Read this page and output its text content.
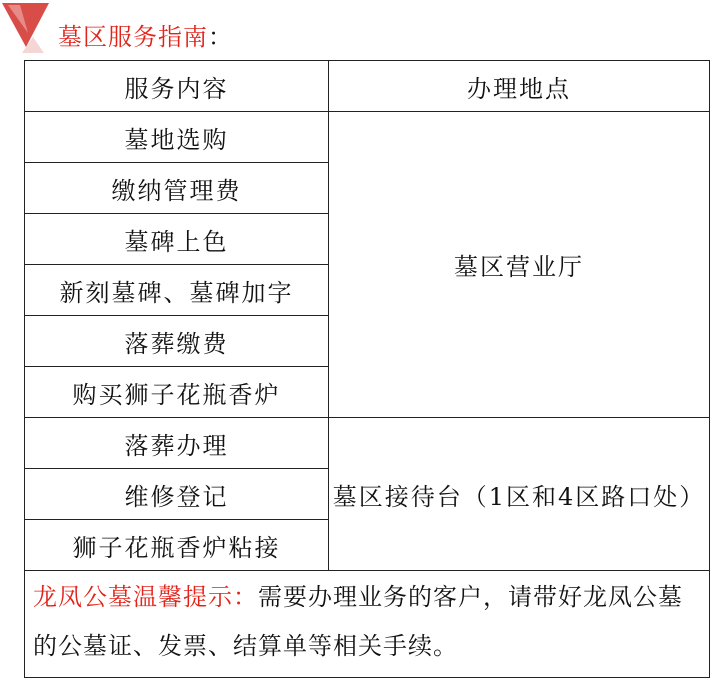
墓区服务指南：
服务内容	办理地点
墓地选购	墓区营业厅
缴纳管理费	
墓碑上色	
新刻墓碑、墓碑加字	
落葬缴费	
购买狮子花瓶香炉	
落葬办理	墓区接待台（1区和4区路口处）
维修登记	
狮子花瓶香炉粘接	
龙凤公墓温馨提示：需要办理业务的客户，请带好龙凤公墓的公墓证、发票、结算单等相关手续。	
